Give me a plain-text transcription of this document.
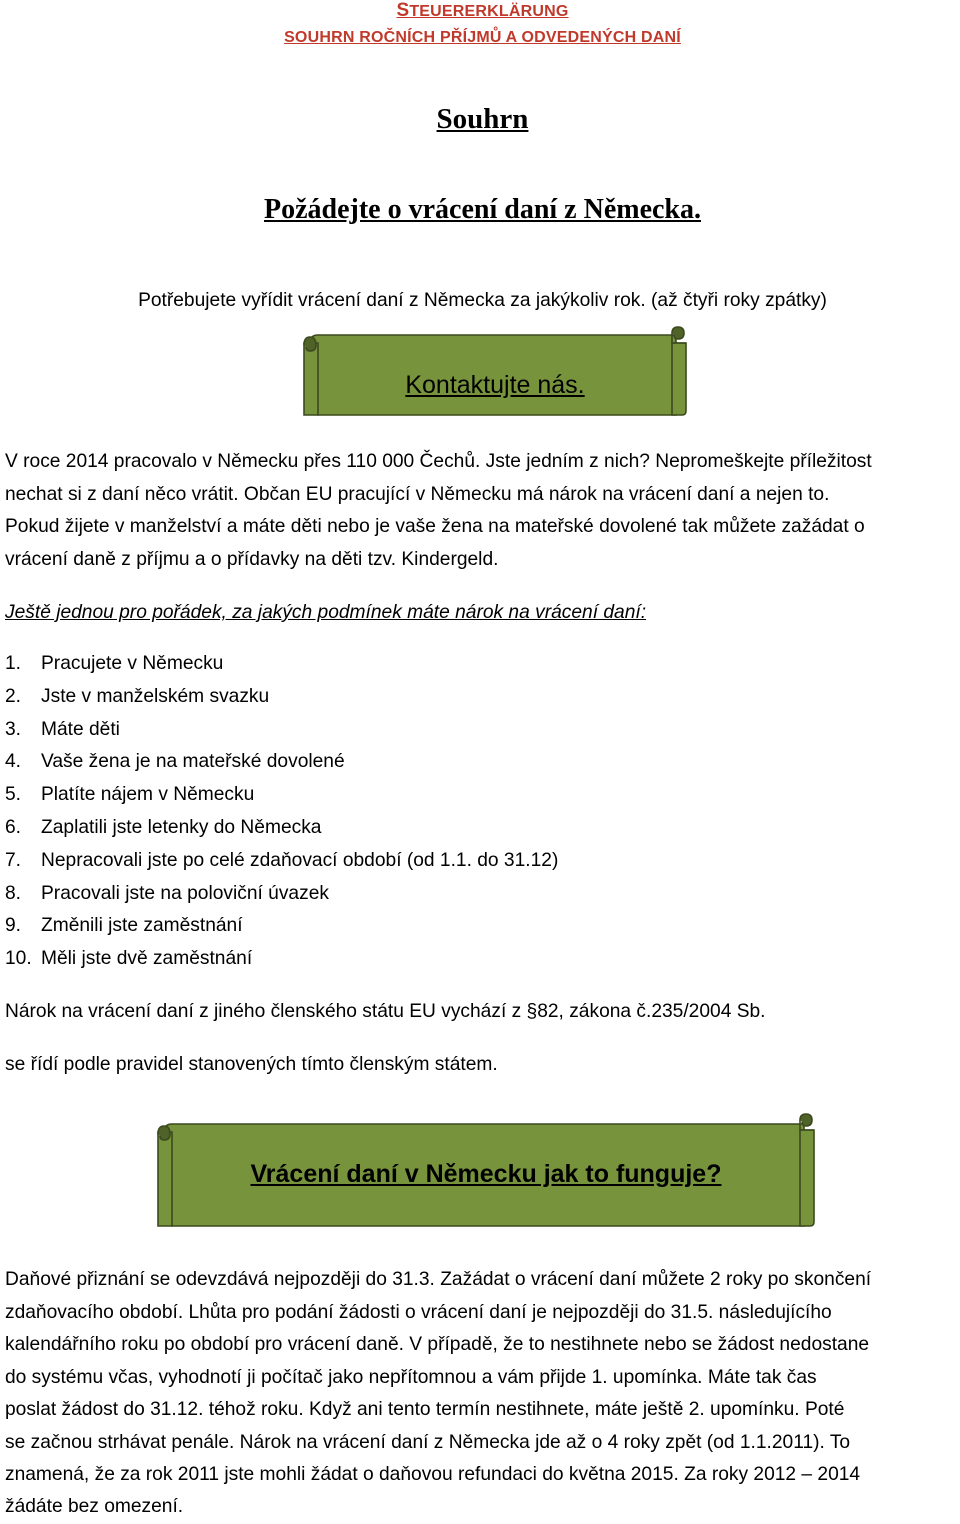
STEUERERKLÄRUNG
SOUHRN ROČNÍCH PŘÍJMŮ A ODVEDENÝCH DANÍ
Souhrn
Požádejte o vrácení daní z Německa.
Potřebujete vyřídit vrácení daní z Německa za jakýkoliv rok. (až čtyři roky zpátky)
Kontaktujte nás.
V roce 2014 pracovalo v Německu přes 110 000 Čechů. Jste jedním z nich? Nepromeškejte příležitost
nechat si z daní něco vrátit. Občan EU pracující v Německu má nárok na vrácení daní a nejen to.
Pokud žijete v manželství a máte děti nebo je vaše žena na mateřské dovolené tak můžete zažádat o
vrácení daně z příjmu a o přídavky na děti tzv. Kindergeld.
Ještě jednou pro pořádek, za jakých podmínek máte nárok na vrácení daní:
1. Pracujete v Německu
2. Jste v manželském svazku
3. Máte děti
4. Vaše žena je na mateřské dovolené
5. Platíte nájem v Německu
6. Zaplatili jste letenky do Německa
7. Nepracovali jste po celé zdaňovací období (od 1.1. do 31.12)
8. Pracovali jste na poloviční úvazek
9. Změnili jste zaměstnání
10. Měli jste dvě zaměstnání
Nárok na vrácení daní z jiného členského státu EU vychází z §82, zákona č.235/2004 Sb.
se řídí podle pravidel stanovených tímto členským státem.
Vrácení daní v Německu jak to funguje?
Daňové přiznání se odevzdává nejpozději do 31.3. Zažádat o vrácení daní můžete 2 roky po skončení
zdaňovacího období. Lhůta pro podání žádosti o vrácení daní je nejpozději do 31.5. následujícího
kalendářního roku po období pro vrácení daně. V případě, že to nestihnete nebo se žádost nedostane
do systému včas, vyhodnotí ji počítač jako nepřítomnou a vám přijde 1. upomínka. Máte tak čas
poslat žádost do 31.12. téhož roku. Když ani tento termín nestihnete, máte ještě 2. upomínku. Poté
se začnou strhávat penále. Nárok na vrácení daní z Německa jde až o 4 roky zpět (od 1.1.2011). To
znamená, že za rok 2011 jste mohli žádat o daňovou refundaci do května 2015. Za roky 2012 – 2014
žádáte bez omezení.
